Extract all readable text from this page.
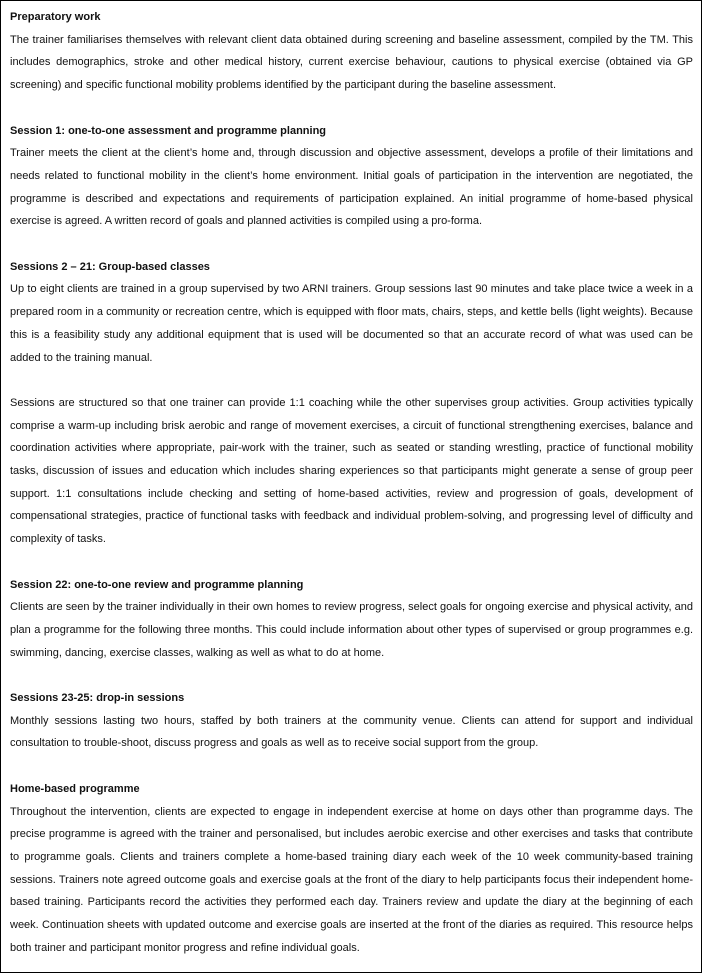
Preparatory work

The trainer familiarises themselves with relevant client data obtained during screening and baseline assessment, compiled by the TM. This includes demographics, stroke and other medical history, current exercise behaviour, cautions to physical exercise (obtained via GP screening) and specific functional mobility problems identified by the participant during the baseline assessment.

Session 1: one-to-one assessment and programme planning

Trainer meets the client at the client’s home and, through discussion and objective assessment, develops a profile of their limitations and needs related to functional mobility in the client’s home environment. Initial goals of participation in the intervention are negotiated, the programme is described and expectations and requirements of participation explained. An initial programme of home-based physical exercise is agreed. A written record of goals and planned activities is compiled using a pro-forma.

Sessions 2 – 21: Group-based classes

Up to eight clients are trained in a group supervised by two ARNI trainers. Group sessions last 90 minutes and take place twice a week in a prepared room in a community or recreation centre, which is equipped with floor mats, chairs, steps, and kettle bells (light weights). Because this is a feasibility study any additional equipment that is used will be documented so that an accurate record of what was used can be added to the training manual.

Sessions are structured so that one trainer can provide 1:1 coaching while the other supervises group activities. Group activities typically comprise a warm-up including brisk aerobic and range of movement exercises, a circuit of functional strengthening exercises, balance and coordination activities where appropriate, pair-work with the trainer, such as seated or standing wrestling, practice of functional mobility tasks, discussion of issues and education which includes sharing experiences so that participants might generate a sense of group peer support. 1:1 consultations include checking and setting of home-based activities, review and progression of goals, development of compensational strategies, practice of functional tasks with feedback and individual problem-solving, and progressing level of difficulty and complexity of tasks.

Session 22: one-to-one review and programme planning

Clients are seen by the trainer individually in their own homes to review progress, select goals for ongoing exercise and physical activity, and plan a programme for the following three months. This could include information about other types of supervised or group programmes e.g. swimming, dancing, exercise classes, walking as well as what to do at home.

Sessions 23-25: drop-in sessions

Monthly sessions lasting two hours, staffed by both trainers at the community venue. Clients can attend for support and individual consultation to trouble-shoot, discuss progress and goals as well as to receive social support from the group.

Home-based programme

Throughout the intervention, clients are expected to engage in independent exercise at home on days other than programme days. The precise programme is agreed with the trainer and personalised, but includes aerobic exercise and other exercises and tasks that contribute to programme goals. Clients and trainers complete a home-based training diary each week of the 10 week community-based training sessions. Trainers note agreed outcome goals and exercise goals at the front of the diary to help participants focus their independent home-based training. Participants record the activities they performed each day. Trainers review and update the diary at the beginning of each week. Continuation sheets with updated outcome and exercise goals are inserted at the front of the diaries as required. This resource helps both trainer and participant monitor progress and refine individual goals.
